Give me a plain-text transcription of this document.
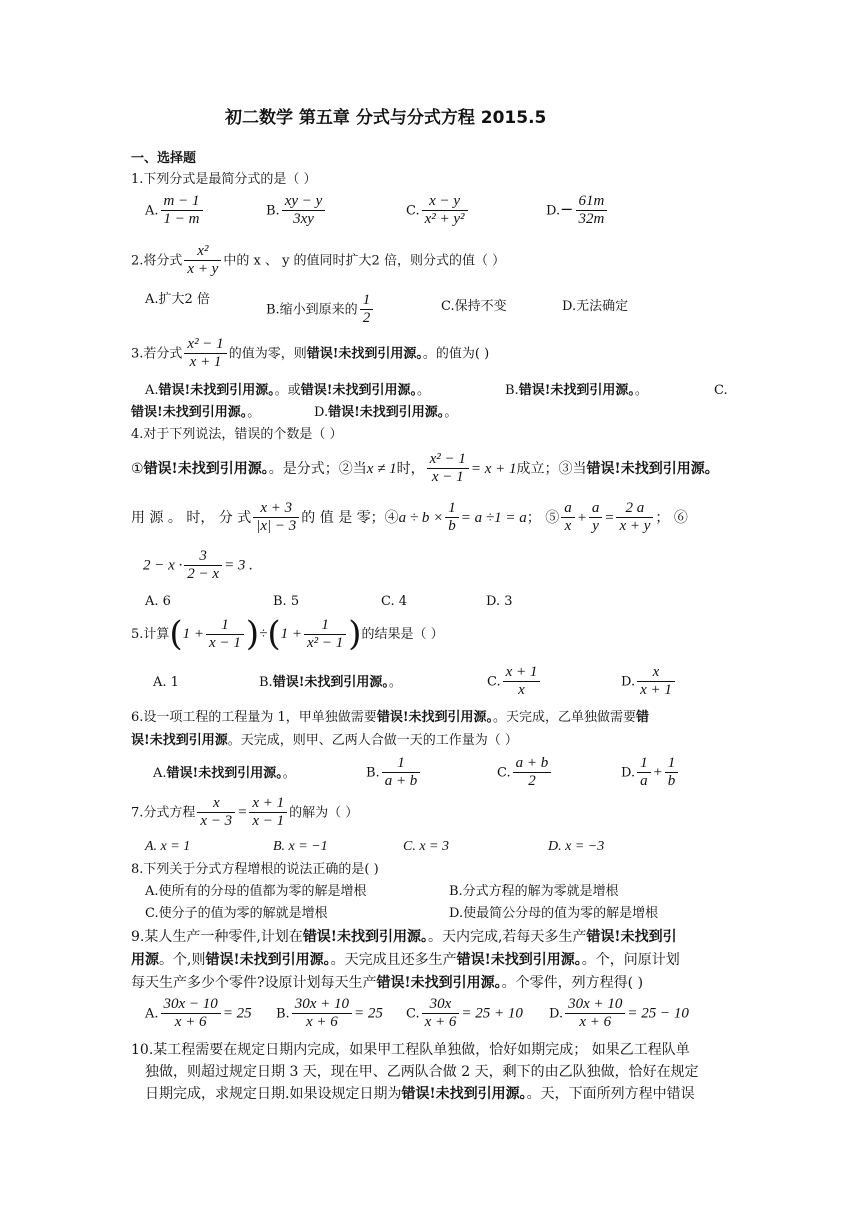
初二数学 第五章 分式与分式方程 2015.5
一、选择题
1.下列分式是最简分式的是（ ）
A. $\frac{m - 1}{1 - m}$	B. $\frac{xy - y}{3xy}$	C. $\frac{x - y}{\text{x² + y²}}$	$D.- \frac{61m}{32m}$
2.将分式 $\frac{\text{x²}}{x + y}$ 中的 x 、 y 的值同时扩大2 倍，则分式的值（ ）
A.扩大2 倍
B.缩小到原来的 $\frac{1}{2}$	C.保持不变	D.无法确定
3.若分式 $\frac{\text{x² − 1}}{x + 1}$ 的值为零，则错误!未找到引用源。。的值为( )
A.错误!未找到引用源。。或错误!未找到引用源。。	B.错误!未找到引用源。。	C.
错误!未找到引用源。。	D.错误!未找到引用源。。
4.对于下列说法，错误的个数是（ ）
①错误!未找到引用源。。是分式；②当x ≠ 1时， $\frac{\text{x² − 1}}{x - 1} = x + 1$成立；③当错误!未找到引用源。
用 源 。 时， 分 式 $\frac{x + 3}{|x| - 3}$ 的 值 是 零；④a ÷ $b \times \frac{1}{b} = a \div 1 = a$； ⑤ $\frac{a}{x} + \frac{a}{y} = \frac{2 a}{x + y}$ ； ⑥
$2 - x \cdot \frac{3}{2 - x} = 3$ .
A. 6	B. 5	C. 4	D. 3
5.计算$(1 + \frac{1}{x - 1} )\div(1 + \frac{1}{\text{x² − 1}}$ )的结果是（ ）
A. 1	B.错误!未找到引用源。。	C. $\frac{x + 1}{x}$	D. $\frac{x}{x + 1}$
6.设一项工程的工程量为 1，甲单独做需要错误!未找到引用源。。天完成，乙单独做需要错
误!未找到引用源。天完成，则甲、乙两人合做一天的工作量为（ ）
A.错误!未找到引用源。。	B. $\frac{1}{a + b}$	C. $\frac{a + b}{2}$	D. $\frac{1}{a} + \frac{1}{b}$
7.分式方程 $\frac{x}{x - 3} = \frac{x + 1}{x - 1}$ 的解为（ ）
A. x = 1	B. x = −1	C. x = 3	D. x = −3
8.下列关于分式方程增根的说法正确的是( )
A.使所有的分母的值都为零的解是增根	B.分式方程的解为零就是增根
C.使分子的值为零的解就是增根	D.使最简公分母的值为零的解是增根
9.某人生产一种零件,计划在错误!未找到引用源。。天内完成,若每天多生产错误!未找到引
用源。个,则错误!未找到引用源。。天完成且还多生产错误!未找到引用源。。个，问原计划
每天生产多少个零件?设原计划每天生产错误!未找到引用源。。个零件，列方程得( )
A. $\frac{30x - 10}{x + 6} = 25$ B. $\frac{30x + 10}{x + 6} = 25$ C. $\frac{30x}{x + 6} = 25 + 10$ D. $\frac{30x + 10}{x + 6} = 25 - 10$
10.某工程需要在规定日期内完成，如果甲工程队单独做，恰好如期完成； 如果乙工程队单
独做，则超过规定日期 3 天，现在甲、乙两队合做 2 天，剩下的由乙队独做，恰好在规定
日期完成，求规定日期.如果设规定日期为错误!未找到引用源。。天，下面所列方程中错误
